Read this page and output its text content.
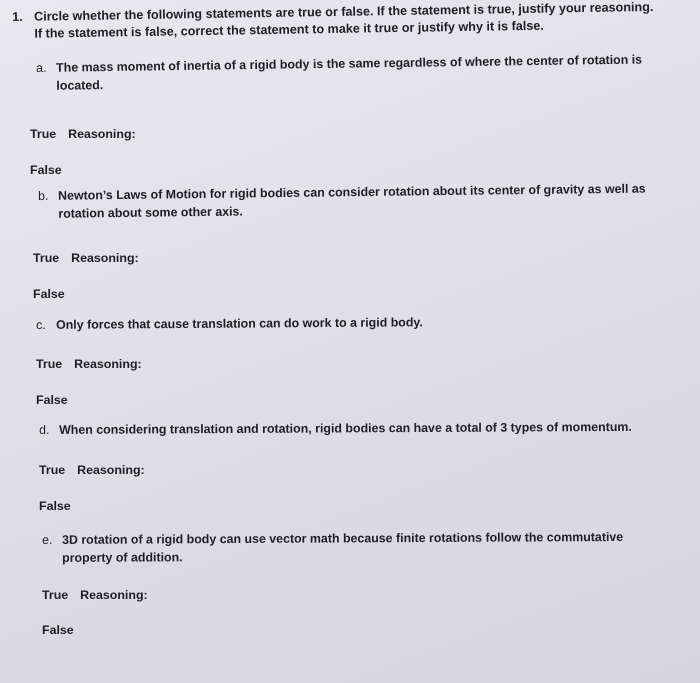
1. Circle whether the following statements are true or false. If the statement is true, justify your reasoning.
If the statement is false, correct the statement to make it true or justify why it is false.
a. The mass moment of inertia of a rigid body is the same regardless of where the center of rotation is
located.
True Reasoning:
False
b. Newton’s Laws of Motion for rigid bodies can consider rotation about its center of gravity as well as
rotation about some other axis.
True Reasoning:
False
c. Only forces that cause translation can do work to a rigid body.
True Reasoning:
False
d. When considering translation and rotation, rigid bodies can have a total of 3 types of momentum.
True Reasoning:
False
e. 3D rotation of a rigid body can use vector math because finite rotations follow the commutative
property of addition.
True Reasoning:
False
